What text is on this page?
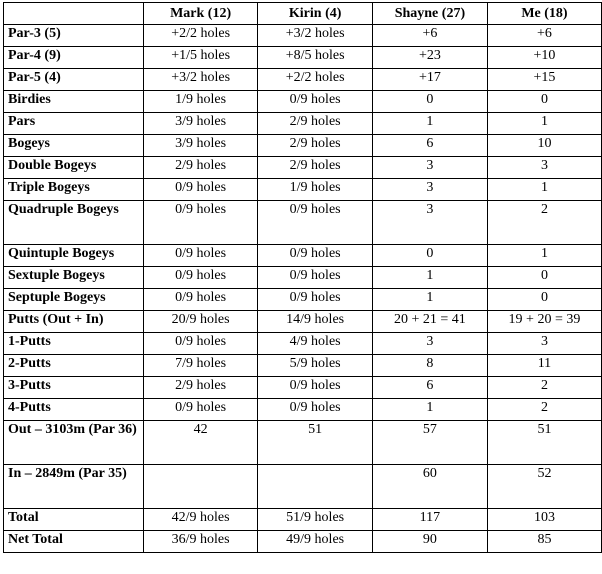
	Mark (12)	Kirin (4)	Shayne (27)	Me (18)
Par-3 (5)	+2/2 holes	+3/2 holes	+6	+6
Par-4 (9)	+1/5 holes	+8/5 holes	+23	+10
Par-5 (4)	+3/2 holes	+2/2 holes	+17	+15
Birdies	1/9 holes	0/9 holes	0	0
Pars	3/9 holes	2/9 holes	1	1
Bogeys	3/9 holes	2/9 holes	6	10
Double Bogeys	2/9 holes	2/9 holes	3	3
Triple Bogeys	0/9 holes	1/9 holes	3	1
Quadruple Bogeys	0/9 holes	0/9 holes	3	2
Quintuple Bogeys	0/9 holes	0/9 holes	0	1
Sextuple Bogeys	0/9 holes	0/9 holes	1	0
Septuple Bogeys	0/9 holes	0/9 holes	1	0
Putts (Out + In)	20/9 holes	14/9 holes	20 + 21 = 41	19 + 20 = 39
1-Putts	0/9 holes	4/9 holes	3	3
2-Putts	7/9 holes	5/9 holes	8	11
3-Putts	2/9 holes	0/9 holes	6	2
4-Putts	0/9 holes	0/9 holes	1	2
Out – 3103m (Par 36)	42	51	57	51
In – 2849m (Par 35)			60	52
Total	42/9 holes	51/9 holes	117	103
Net Total	36/9 holes	49/9 holes	90	85
